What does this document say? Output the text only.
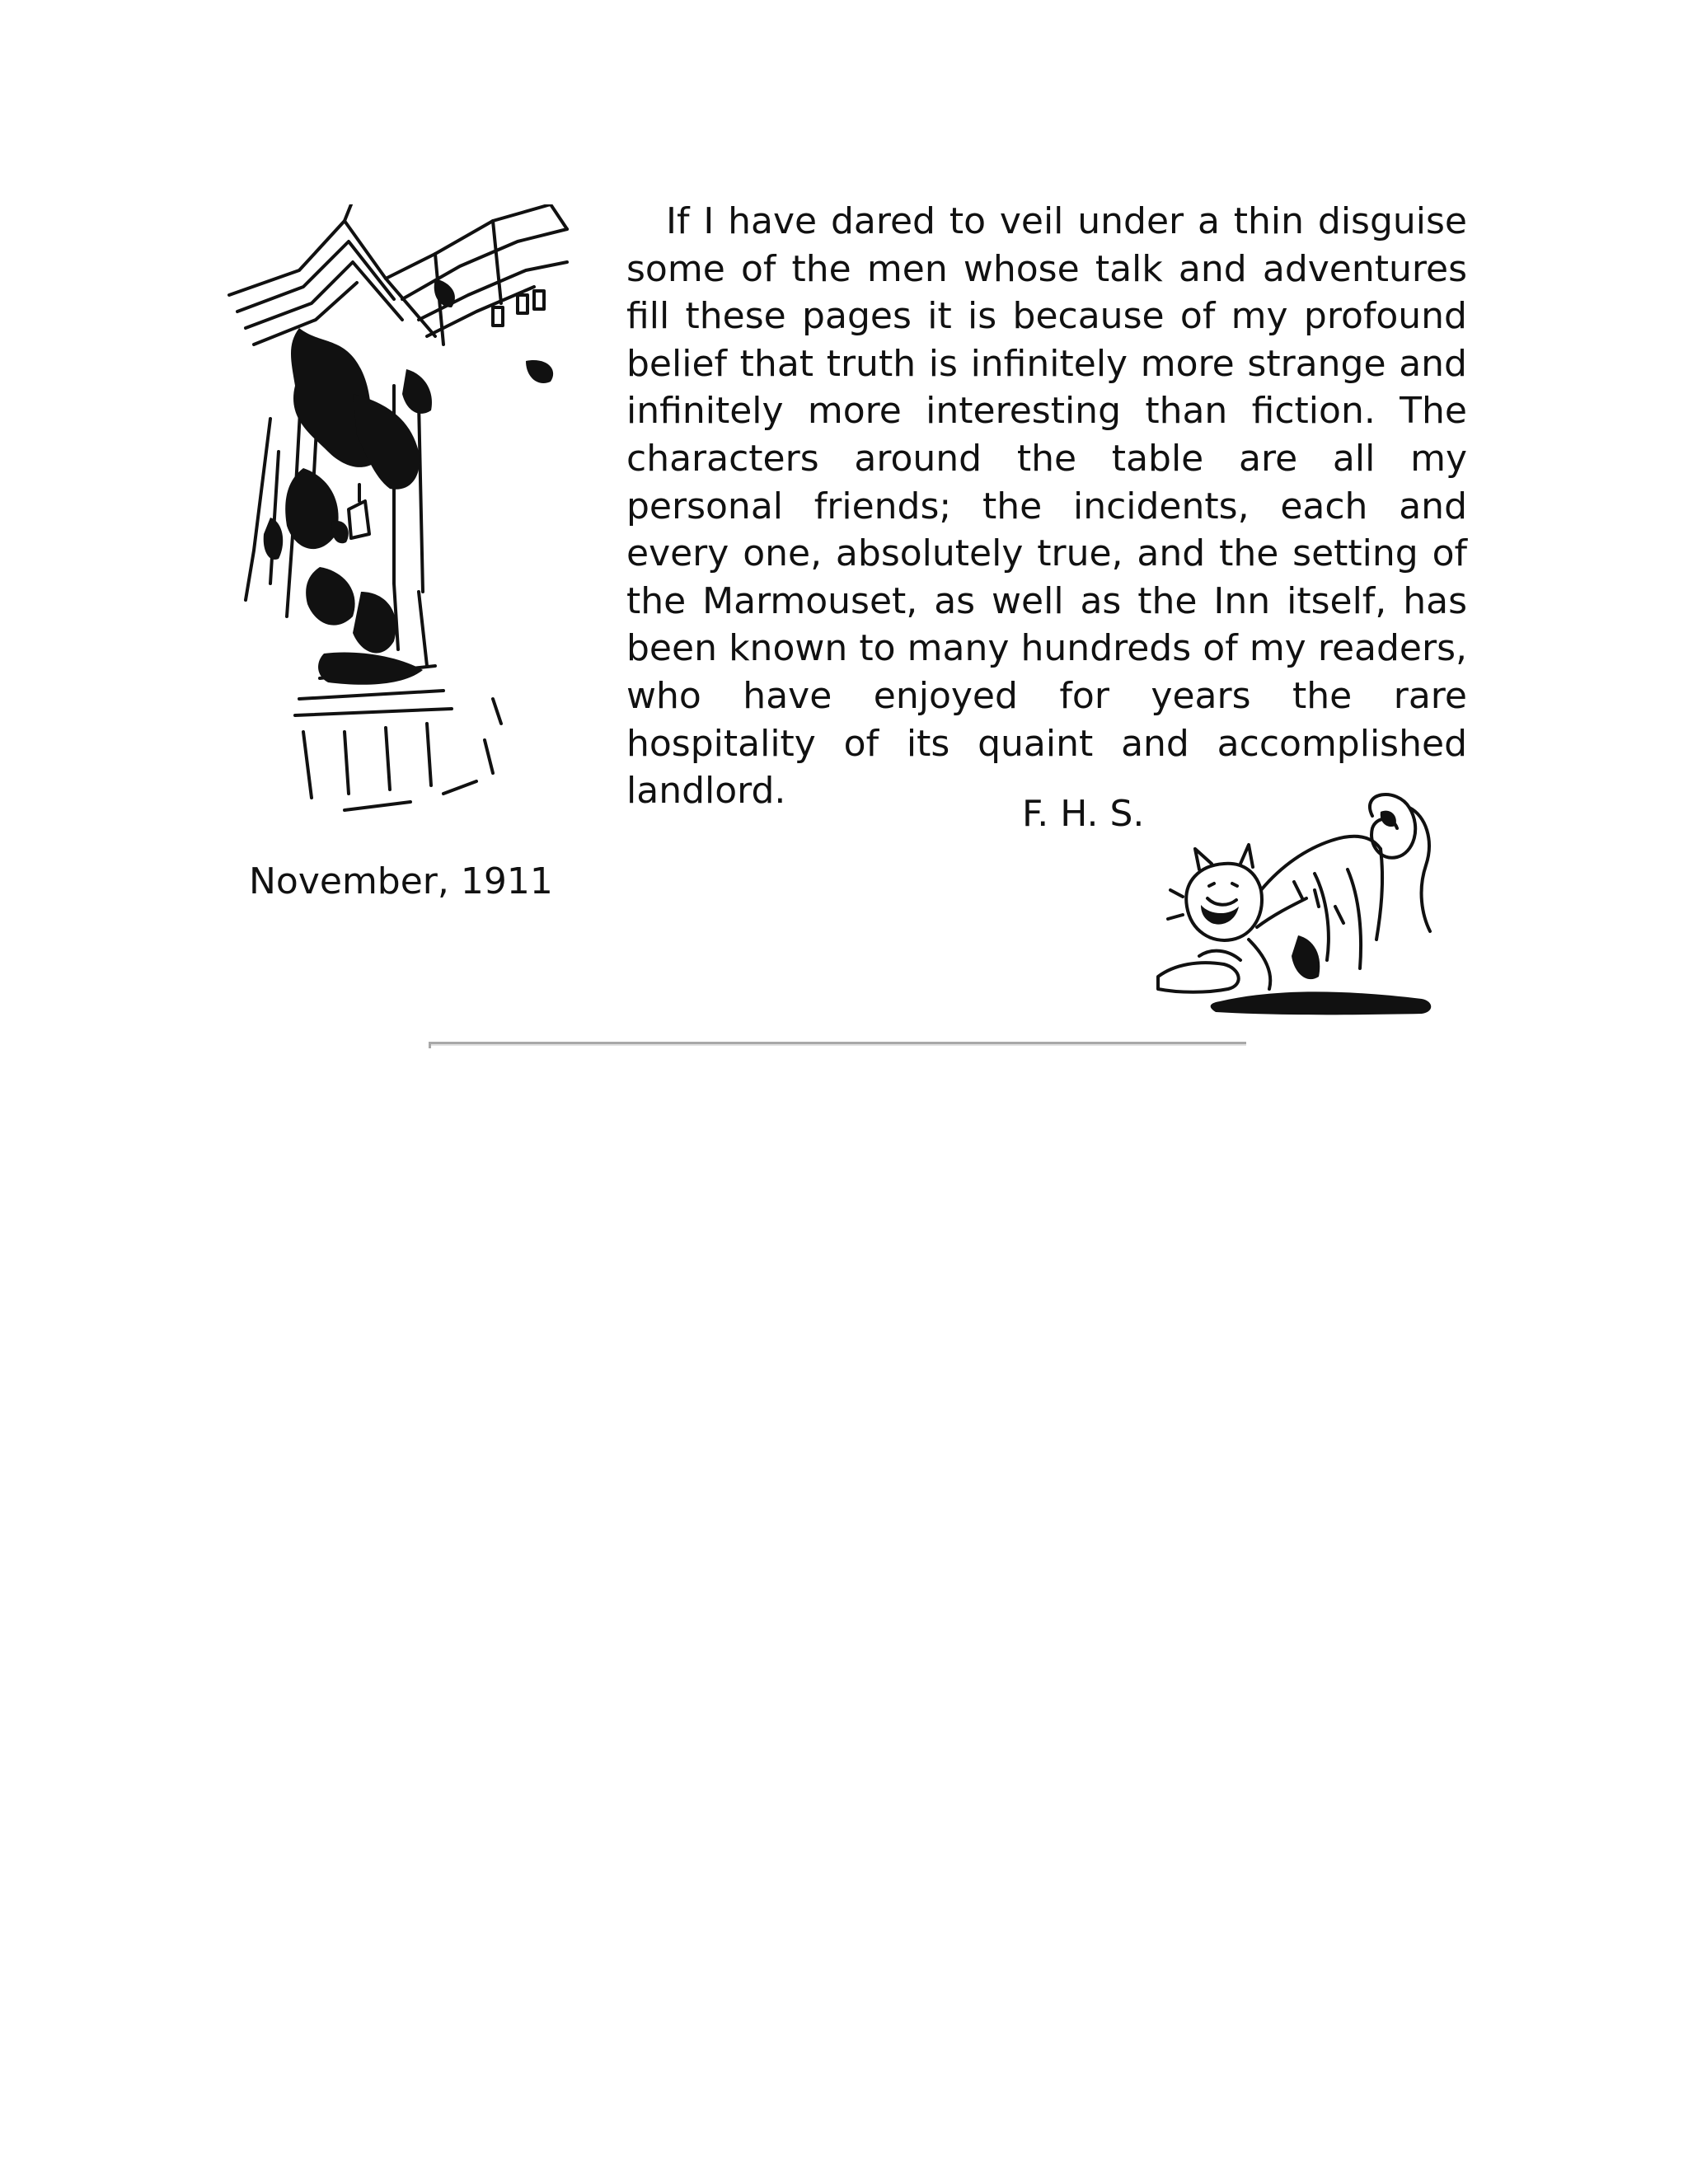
If I have dared to veil under a thin disguise some of the men whose talk and adventures fill these pages it is because of my profound belief that truth is infinitely more strange and infinitely more interesting than fiction. The characters around the table are all my personal friends; the incidents, each and every one, absolutely true, and the setting of the Marmouset, as well as the Inn itself, has been known to many hundreds of my readers, who have enjoyed for years the rare hospitality of its quaint and accomplished landlord.

F. H. S.
November, 1911
